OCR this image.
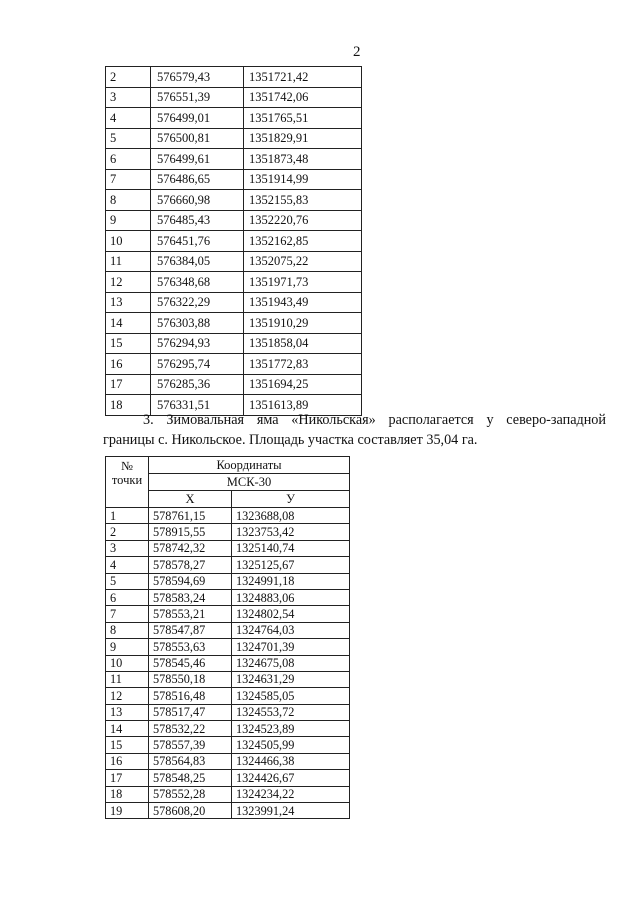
2
2	576579,43	1351721,42
3	576551,39	1351742,06
4	576499,01	1351765,51
5	576500,81	1351829,91
6	576499,61	1351873,48
7	576486,65	1351914,99
8	576660,98	1352155,83
9	576485,43	1352220,76
10	576451,76	1352162,85
11	576384,05	1352075,22
12	576348,68	1351971,73
13	576322,29	1351943,49
14	576303,88	1351910,29
15	576294,93	1351858,04
16	576295,74	1351772,83
17	576285,36	1351694,25
18	576331,51	1351613,89
3. Зимовальная яма «Никольская» располагается у северо-западной
границы с. Никольское. Площадь участка составляет 35,04 га.
№
точки	Координаты	
	МСК-30	
	X	У
1	578761,15	1323688,08
2	578915,55	1323753,42
3	578742,32	1325140,74
4	578578,27	1325125,67
5	578594,69	1324991,18
6	578583,24	1324883,06
7	578553,21	1324802,54
8	578547,87	1324764,03
9	578553,63	1324701,39
10	578545,46	1324675,08
11	578550,18	1324631,29
12	578516,48	1324585,05
13	578517,47	1324553,72
14	578532,22	1324523,89
15	578557,39	1324505,99
16	578564,83	1324466,38
17	578548,25	1324426,67
18	578552,28	1324234,22
19	578608,20	1323991,24
